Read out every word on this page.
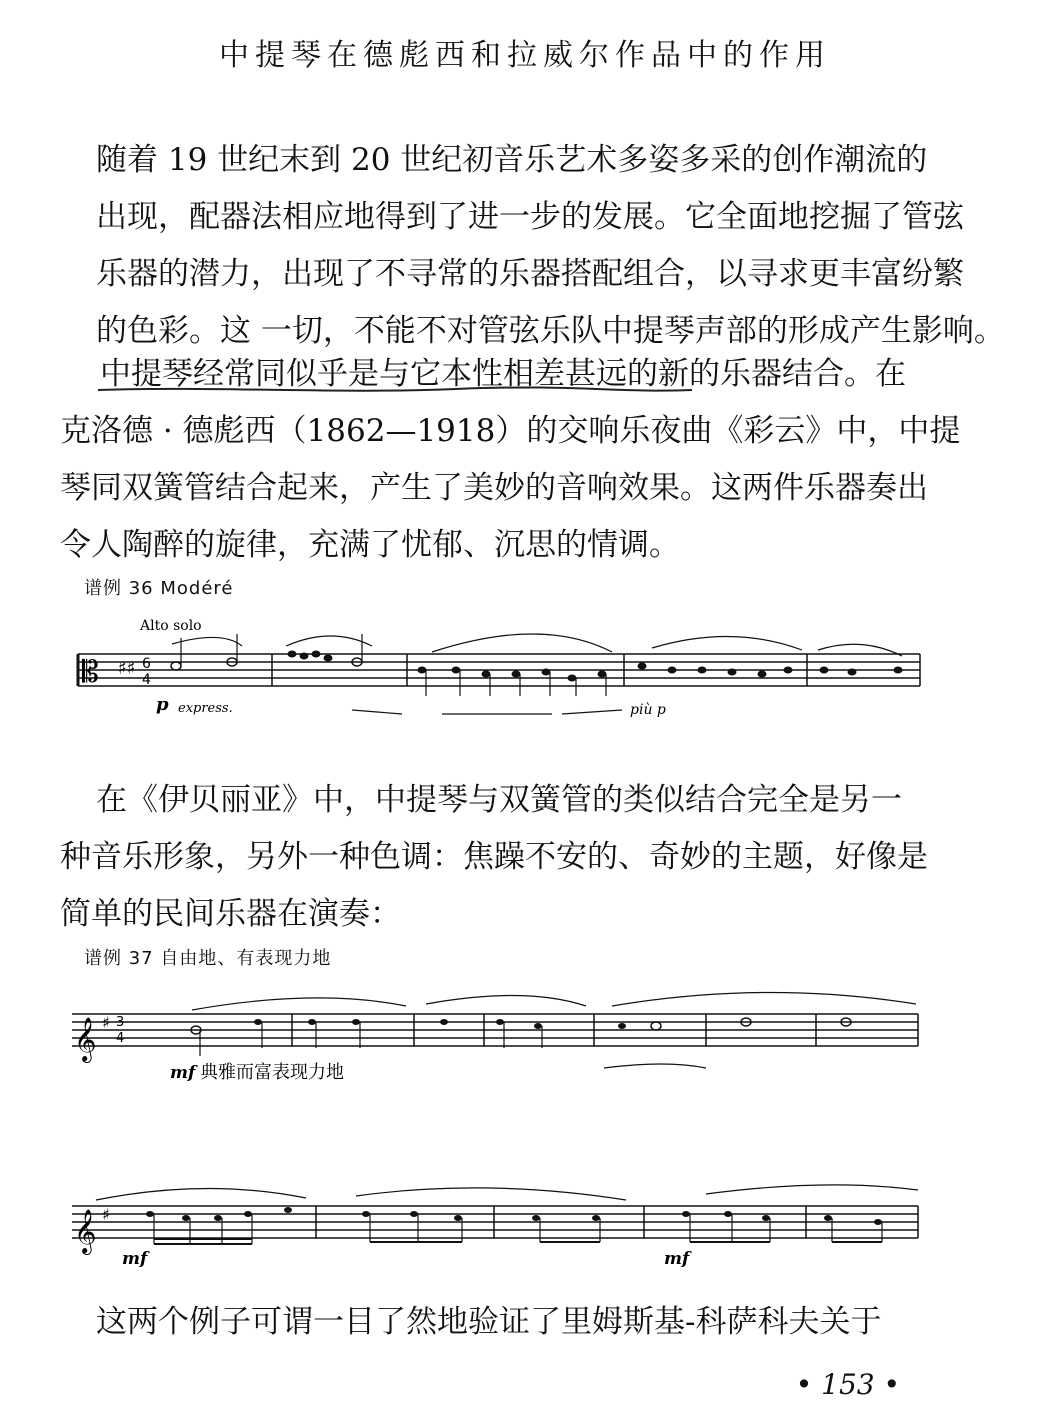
中提琴在德彪西和拉威尔作品中的作用
随着 19 世纪末到 20 世纪初音乐艺术多姿多采的创作潮流的
出现，配器法相应地得到了进一步的发展。它全面地挖掘了管弦
乐器的潜力，出现了不寻常的乐器搭配组合，以寻求更丰富纷繁
的色彩。这 一切，不能不对管弦乐队中提琴声部的形成产生影响。
中提琴经常同似乎是与它本性相差甚远的新的乐器结合。在
克洛德 · 德彪西（1862—1918）的交响乐夜曲《彩云》中，中提
琴同双簧管结合起来，产生了美妙的音响效果。这两件乐器奏出
令人陶醉的旋律，充满了忧郁、沉思的情调。
谱例 36 Modéré
𝄡 ♯♯ 6
4
Alto solo
p express.	più p
在《伊贝丽亚》中，中提琴与双簧管的类似结合完全是另一
种音乐形象，另外一种色调：焦躁不安的、奇妙的主题，好像是
简单的民间乐器在演奏：
谱例 37 自由地、有表现力地
𝄞 ♯ 3
4
mf 典雅而富表现力地
𝄞 ♯
mf	mf
这两个例子可谓一目了然地验证了里姆斯基-科萨科夫关于
• 153 •
